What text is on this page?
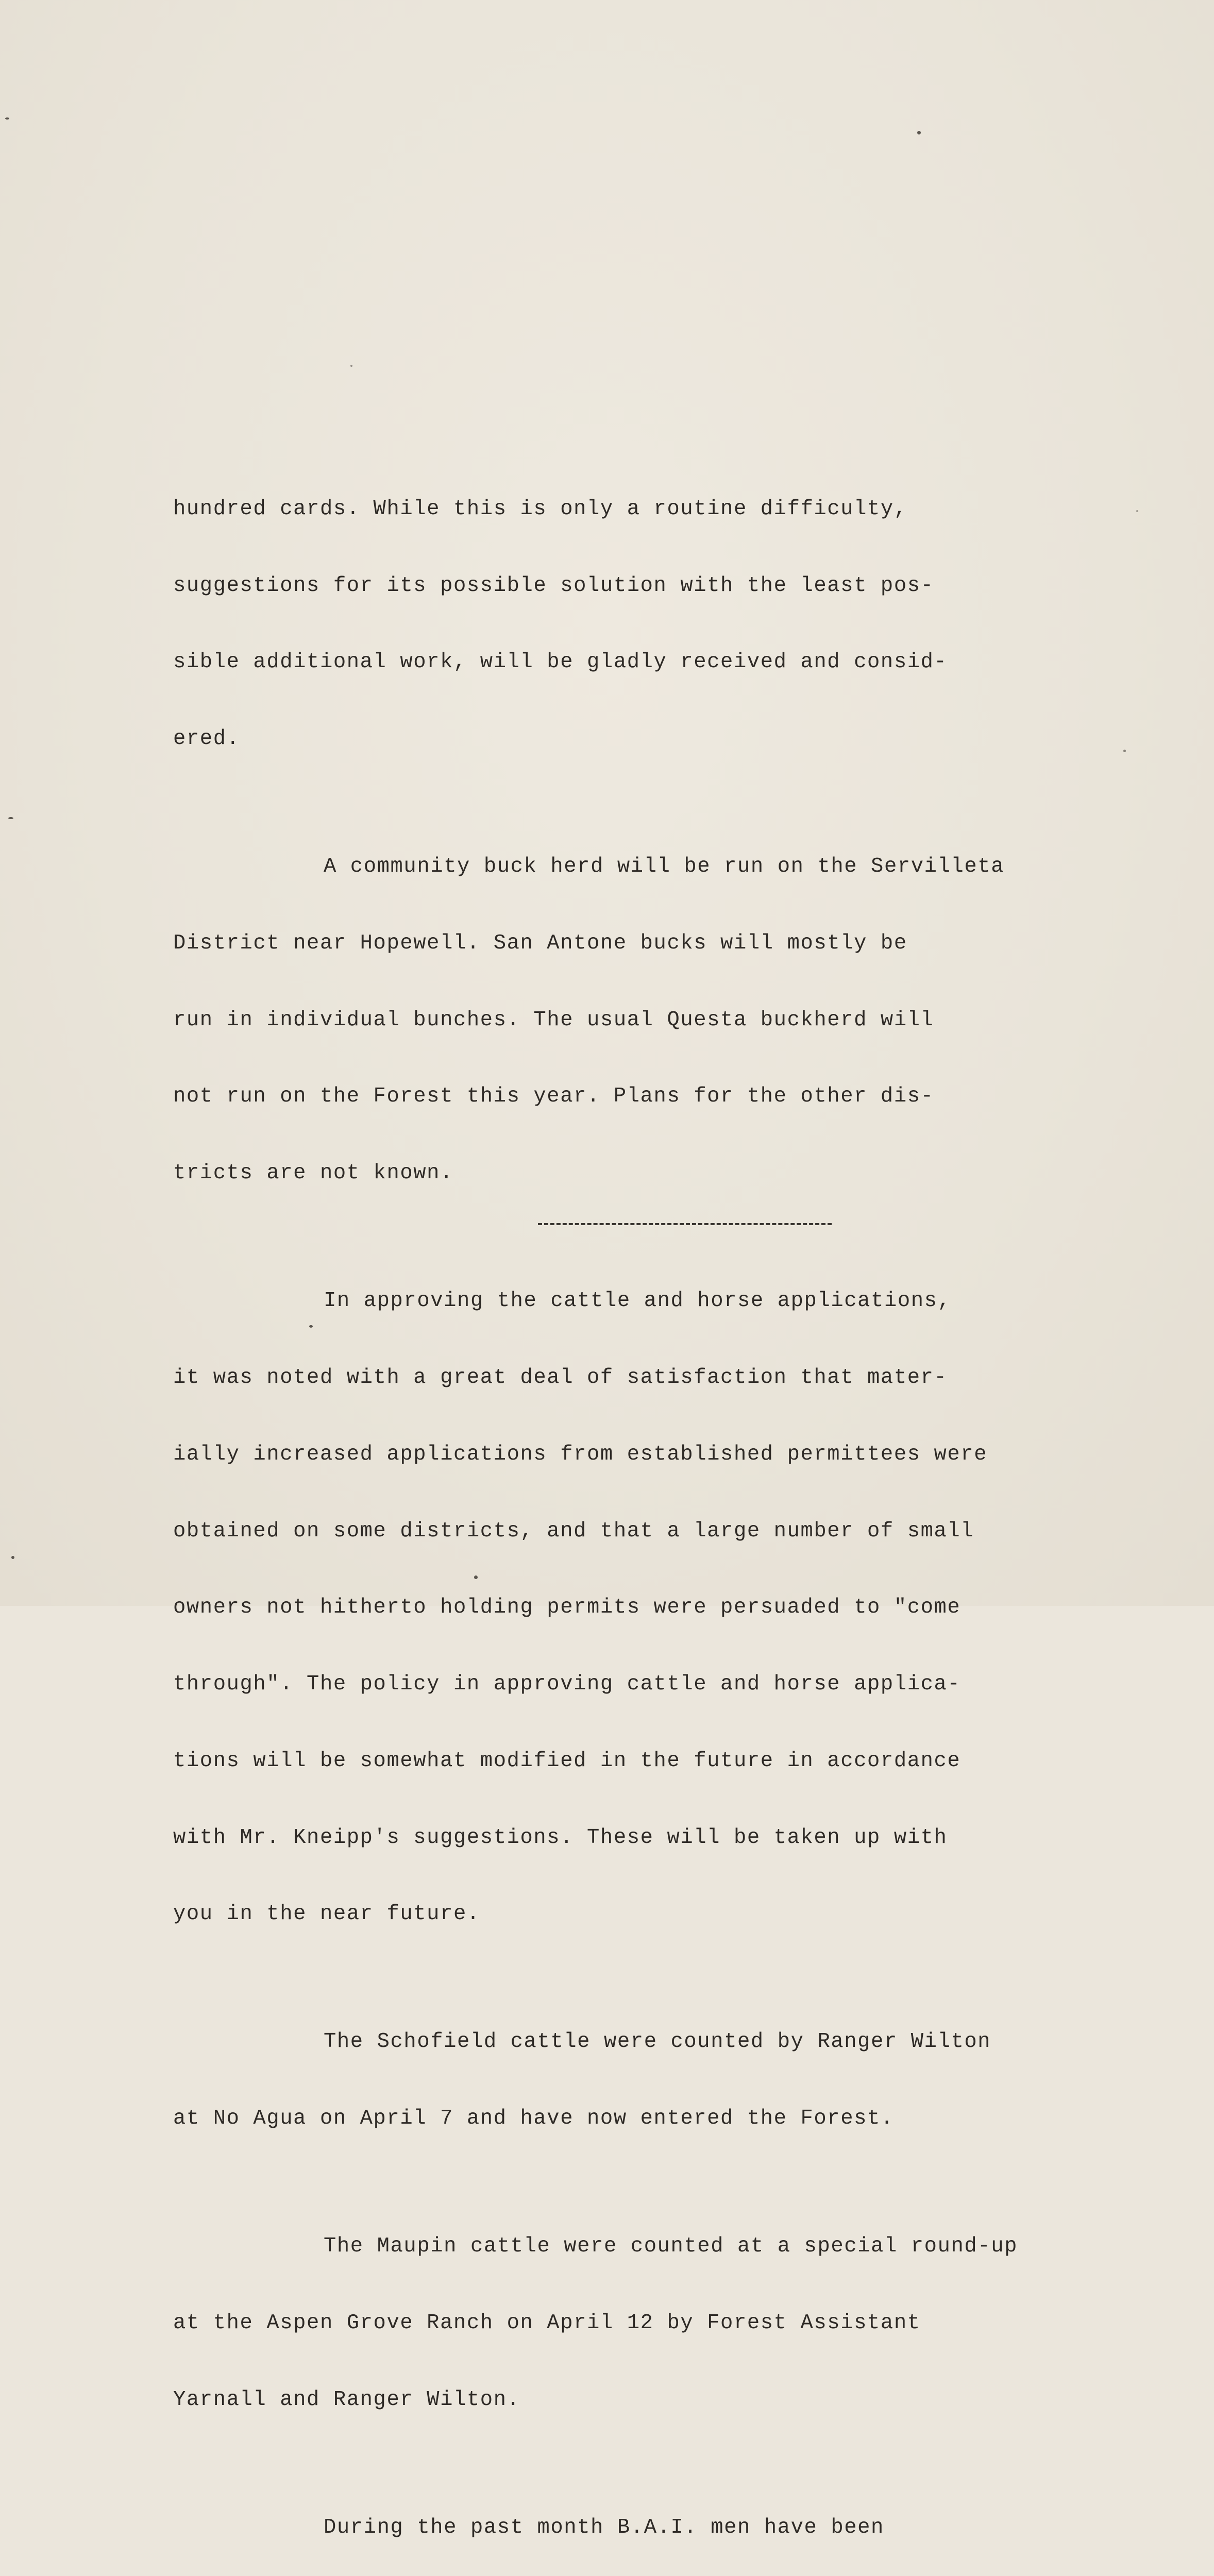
hundred cards. While this is only a routine difficulty,

suggestions for its possible solution with the least pos-

sible additional work, will be gladly received and consid-

ered.

A community buck herd will be run on the Servilleta

District near Hopewell. San Antone bucks will mostly be

run in individual bunches. The usual Questa buckherd will

not run on the Forest this year. Plans for the other dis-

tricts are not known.

In approving the cattle and horse applications,

it was noted with a great deal of satisfaction that mater-

ially increased applications from established permittees were

obtained on some districts, and that a large number of small

owners not hitherto holding permits were persuaded to "come

through". The policy in approving cattle and horse applica-

tions will be somewhat modified in the future in accordance

with Mr. Kneipp's suggestions. These will be taken up with

you in the near future.

The Schofield cattle were counted by Ranger Wilton

at No Agua on April 7 and have now entered the Forest.

The Maupin cattle were counted at a special round-up

at the Aspen Grove Ranch on April 12 by Forest Assistant

Yarnall and Ranger Wilton.

During the past month B.A.I. men have been
